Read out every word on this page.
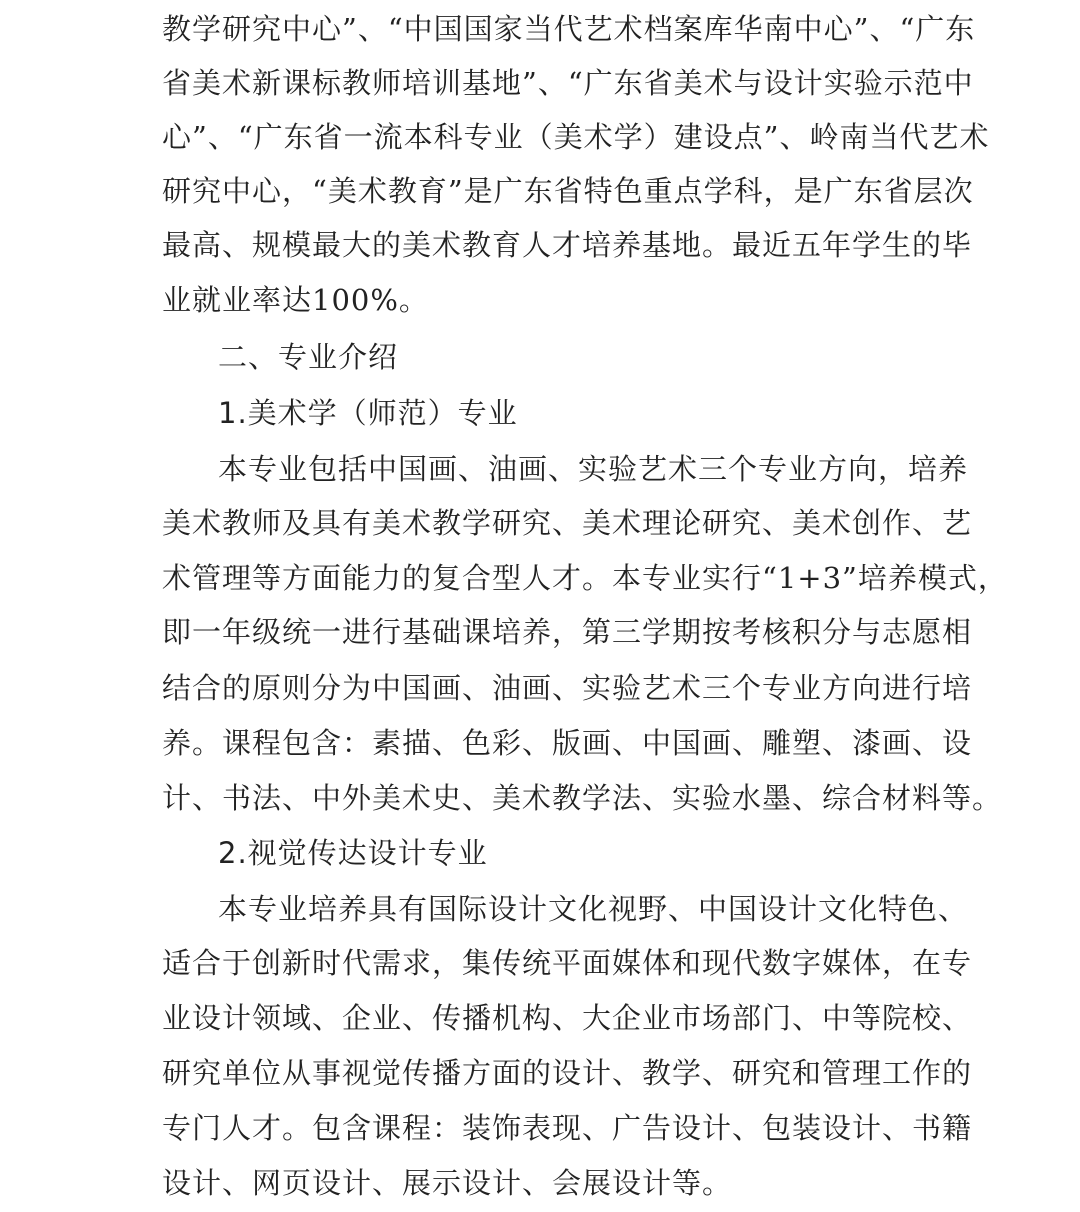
教学研究中心”、“中国国家当代艺术档案库华南中心”、“广东
省美术新课标教师培训基地”、“广东省美术与设计实验示范中
心”、“广东省一流本科专业（美术学）建设点”、岭南当代艺术
研究中心，“美术教育”是广东省特色重点学科，是广东省层次
最高、规模最大的美术教育人才培养基地。最近五年学生的毕
业就业率达100%。
二、专业介绍
1.美术学（师范）专业
本专业包括中国画、油画、实验艺术三个专业方向，培养
美术教师及具有美术教学研究、美术理论研究、美术创作、艺
术管理等方面能力的复合型人才。本专业实行“1+3”培养模式，
即一年级统一进行基础课培养，第三学期按考核积分与志愿相
结合的原则分为中国画、油画、实验艺术三个专业方向进行培
养。课程包含：素描、色彩、版画、中国画、雕塑、漆画、设
计、书法、中外美术史、美术教学法、实验水墨、综合材料等。
2.视觉传达设计专业
本专业培养具有国际设计文化视野、中国设计文化特色、
适合于创新时代需求，集传统平面媒体和现代数字媒体，在专
业设计领域、企业、传播机构、大企业市场部门、中等院校、
研究单位从事视觉传播方面的设计、教学、研究和管理工作的
专门人才。包含课程：装饰表现、广告设计、包装设计、书籍
设计、网页设计、展示设计、会展设计等。
